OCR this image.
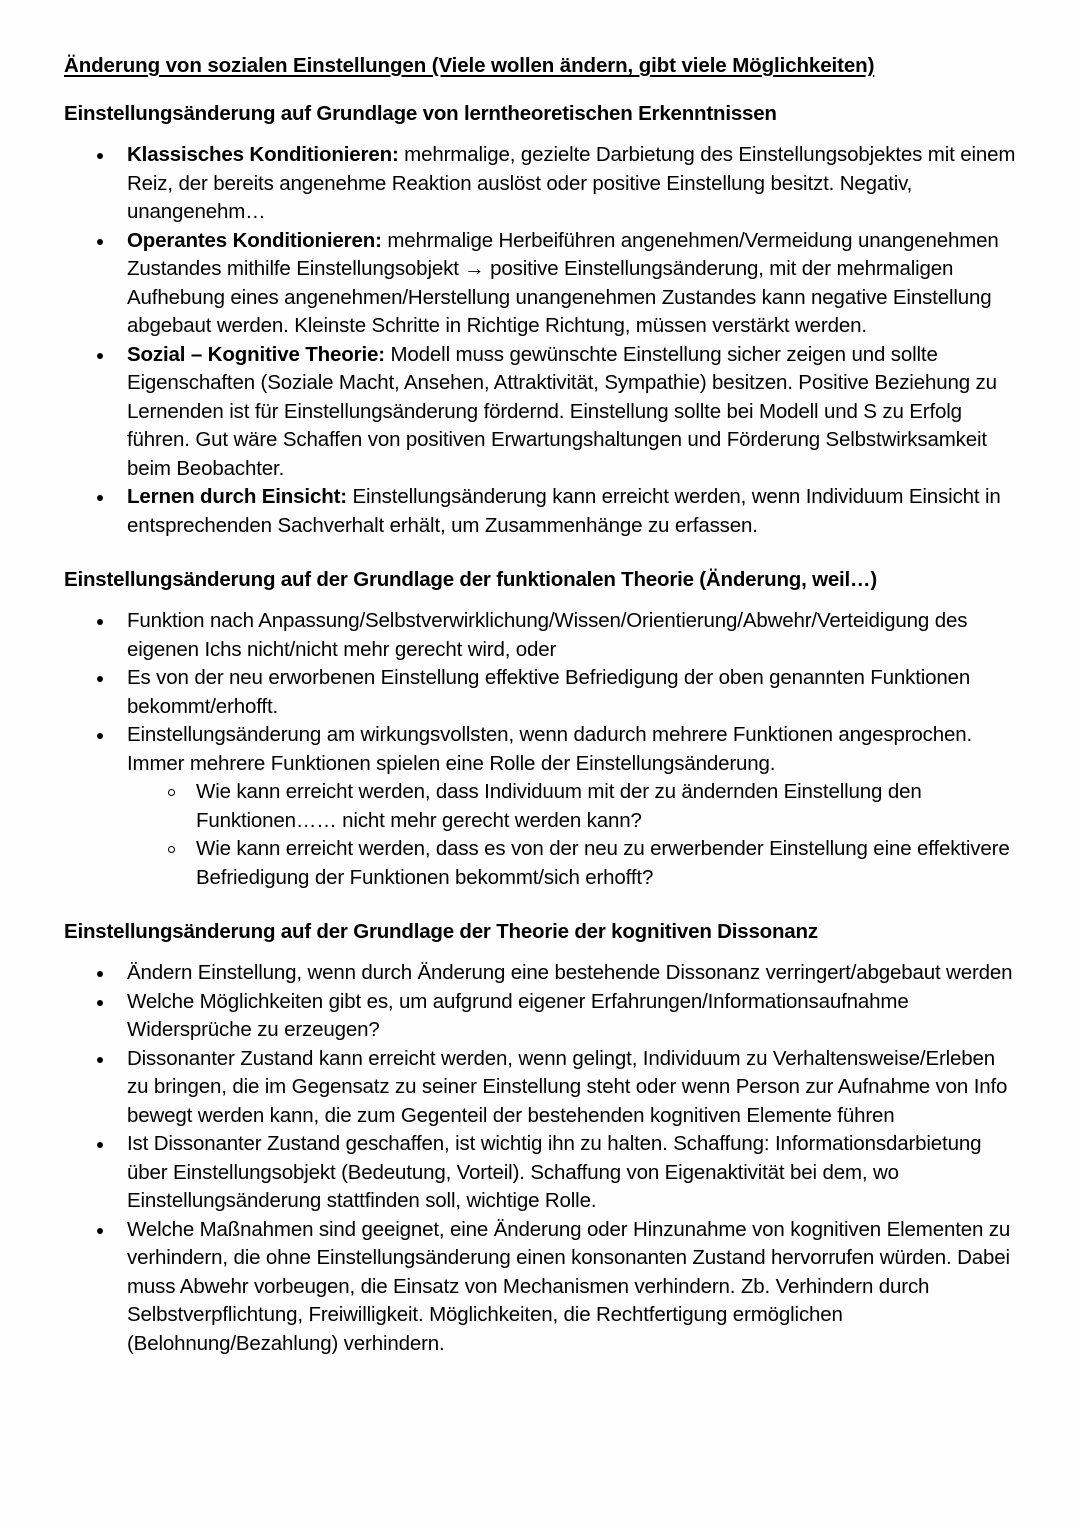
Änderung von sozialen Einstellungen (Viele wollen ändern, gibt viele Möglichkeiten)
Einstellungsänderung auf Grundlage von lerntheoretischen Erkenntnissen
Klassisches Konditionieren: mehrmalige, gezielte Darbietung des Einstellungsobjektes mit einem Reiz, der bereits angenehme Reaktion auslöst oder positive Einstellung besitzt. Negativ, unangenehm…
Operantes Konditionieren: mehrmalige Herbeiführen angenehmen/Vermeidung unangenehmen Zustandes mithilfe Einstellungsobjekt → positive Einstellungsänderung, mit der mehrmaligen Aufhebung eines angenehmen/Herstellung unangenehmen Zustandes kann negative Einstellung abgebaut werden. Kleinste Schritte in Richtige Richtung, müssen verstärkt werden.
Sozial – Kognitive Theorie: Modell muss gewünschte Einstellung sicher zeigen und sollte Eigenschaften (Soziale Macht, Ansehen, Attraktivität, Sympathie) besitzen. Positive Beziehung zu Lernenden ist für Einstellungsänderung fördernd. Einstellung sollte bei Modell und S zu Erfolg führen. Gut wäre Schaffen von positiven Erwartungshaltungen und Förderung Selbstwirksamkeit beim Beobachter.
Lernen durch Einsicht: Einstellungsänderung kann erreicht werden, wenn Individuum Einsicht in entsprechenden Sachverhalt erhält, um Zusammenhänge zu erfassen.
Einstellungsänderung auf der Grundlage der funktionalen Theorie (Änderung, weil…)
Funktion nach Anpassung/Selbstverwirklichung/Wissen/Orientierung/Abwehr/Verteidigung des eigenen Ichs nicht/nicht mehr gerecht wird, oder
Es von der neu erworbenen Einstellung effektive Befriedigung der oben genannten Funktionen bekommt/erhofft.
Einstellungsänderung am wirkungsvollsten, wenn dadurch mehrere Funktionen angesprochen. Immer mehrere Funktionen spielen eine Rolle der Einstellungsänderung.
Wie kann erreicht werden, dass Individuum mit der zu ändernden Einstellung den Funktionen…… nicht mehr gerecht werden kann?
Wie kann erreicht werden, dass es von der neu zu erwerbender Einstellung eine effektivere Befriedigung der Funktionen bekommt/sich erhofft?
Einstellungsänderung auf der Grundlage der Theorie der kognitiven Dissonanz
Ändern Einstellung, wenn durch Änderung eine bestehende Dissonanz verringert/abgebaut werden
Welche Möglichkeiten gibt es, um aufgrund eigener Erfahrungen/Informationsaufnahme Widersprüche zu erzeugen?
Dissonanter Zustand kann erreicht werden, wenn gelingt, Individuum zu Verhaltensweise/Erleben zu bringen, die im Gegensatz zu seiner Einstellung steht oder wenn Person zur Aufnahme von Info bewegt werden kann, die zum Gegenteil der bestehenden kognitiven Elemente führen
Ist Dissonanter Zustand geschaffen, ist wichtig ihn zu halten. Schaffung: Informationsdarbietung über Einstellungsobjekt (Bedeutung, Vorteil). Schaffung von Eigenaktivität bei dem, wo Einstellungsänderung stattfinden soll, wichtige Rolle.
Welche Maßnahmen sind geeignet, eine Änderung oder Hinzunahme von kognitiven Elementen zu verhindern, die ohne Einstellungsänderung einen konsonanten Zustand hervorrufen würden. Dabei muss Abwehr vorbeugen, die Einsatz von Mechanismen verhindern. Zb. Verhindern durch Selbstverpflichtung, Freiwilligkeit. Möglichkeiten, die Rechtfertigung ermöglichen (Belohnung/Bezahlung) verhindern.
